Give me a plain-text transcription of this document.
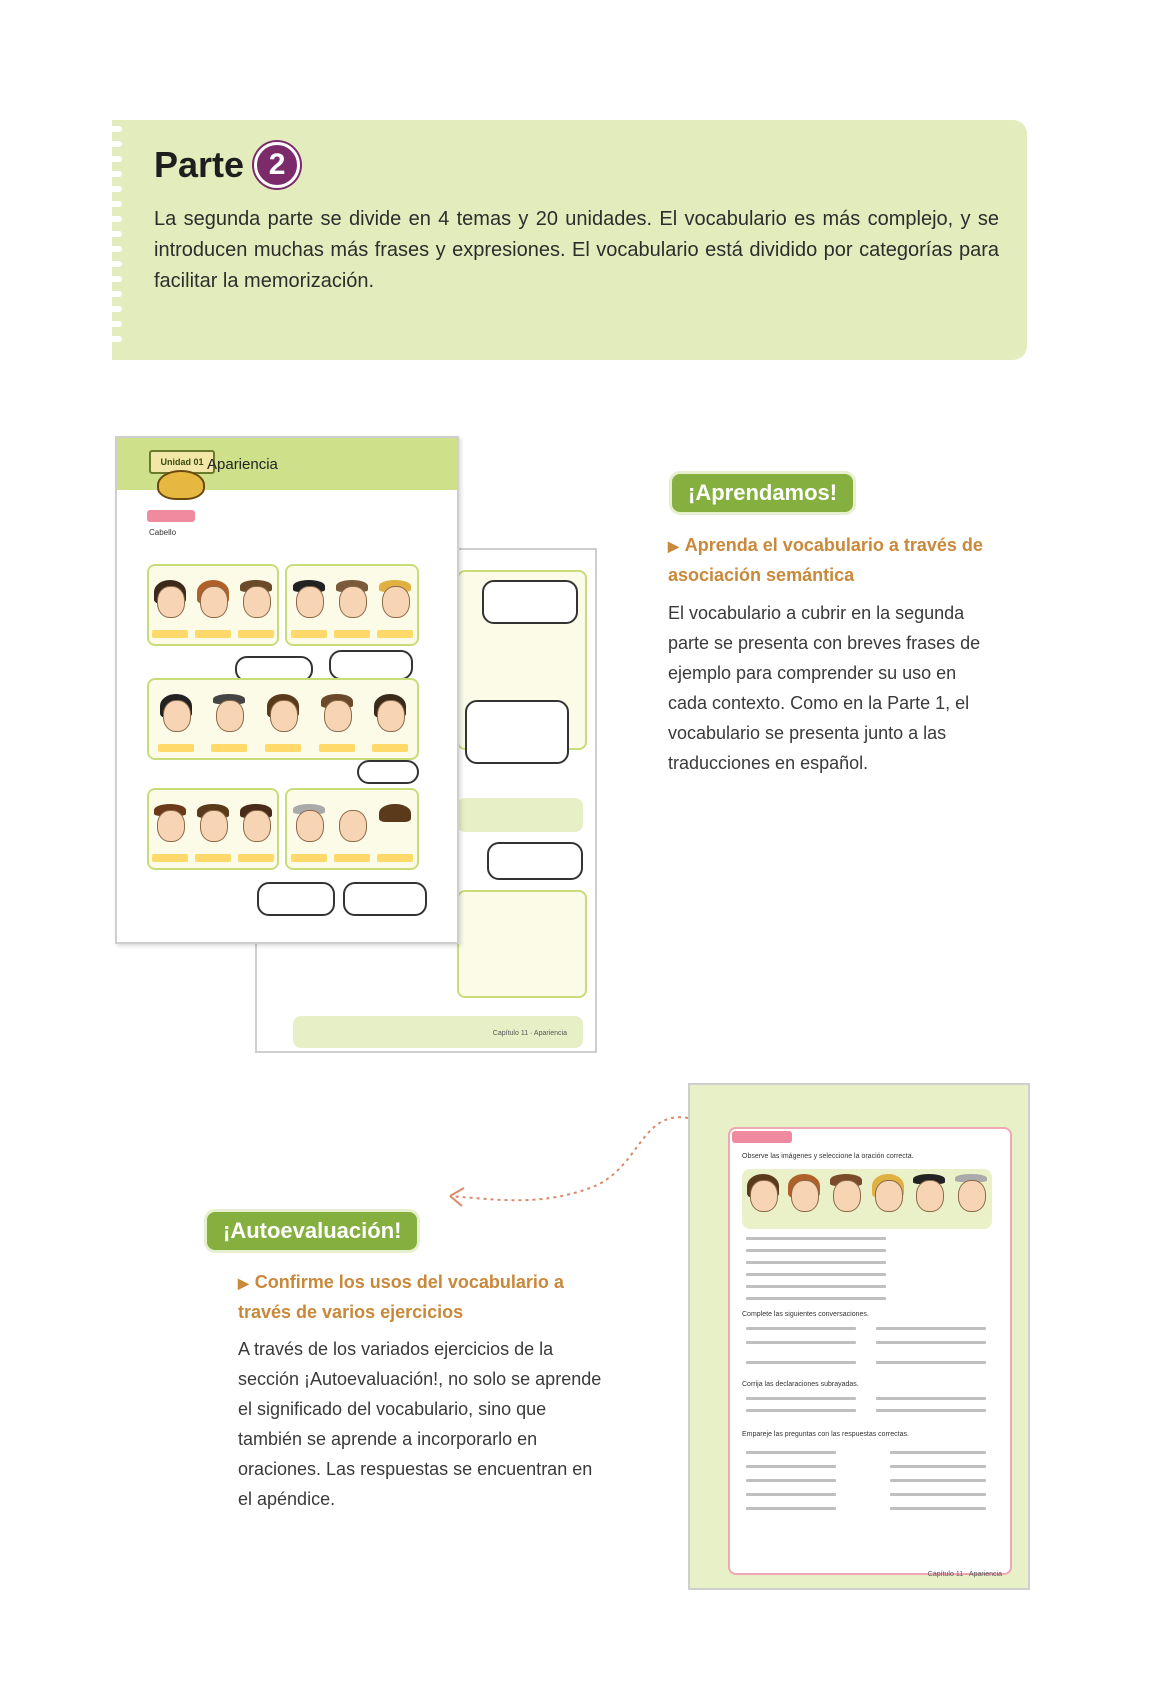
Parte 2
La segunda parte se divide en 4 temas y 20 unidades. El vocabulario es más complejo, y se introducen muchas más frases y expresiones. El vocabulario está dividido por categorías para facilitar la memorización.
Capítulo 11 · Apariencia
Unidad 01 Apariencia
Cabello
¡Aprendamos!
▶ Aprenda el vocabulario a través de asociación semántica
El vocabulario a cubrir en la segunda parte se presenta con breves frases de ejemplo para comprender su uso en cada contexto. Como en la Parte 1, el vocabulario se presenta junto a las traducciones en español.
Observe las imágenes y seleccione la oración correcta.
Complete las siguientes conversaciones.
Corrija las declaraciones subrayadas.
Empareje las preguntas con las respuestas correctas.
Capítulo 11 · Apariencia
¡Autoevaluación!
▶ Confirme los usos del vocabulario a través de varios ejercicios
A través de los variados ejercicios de la sección ¡Autoevaluación!, no solo se aprende el significado del vocabulario, sino que también se aprende a incorporarlo en oraciones. Las respuestas se encuentran en el apéndice.
